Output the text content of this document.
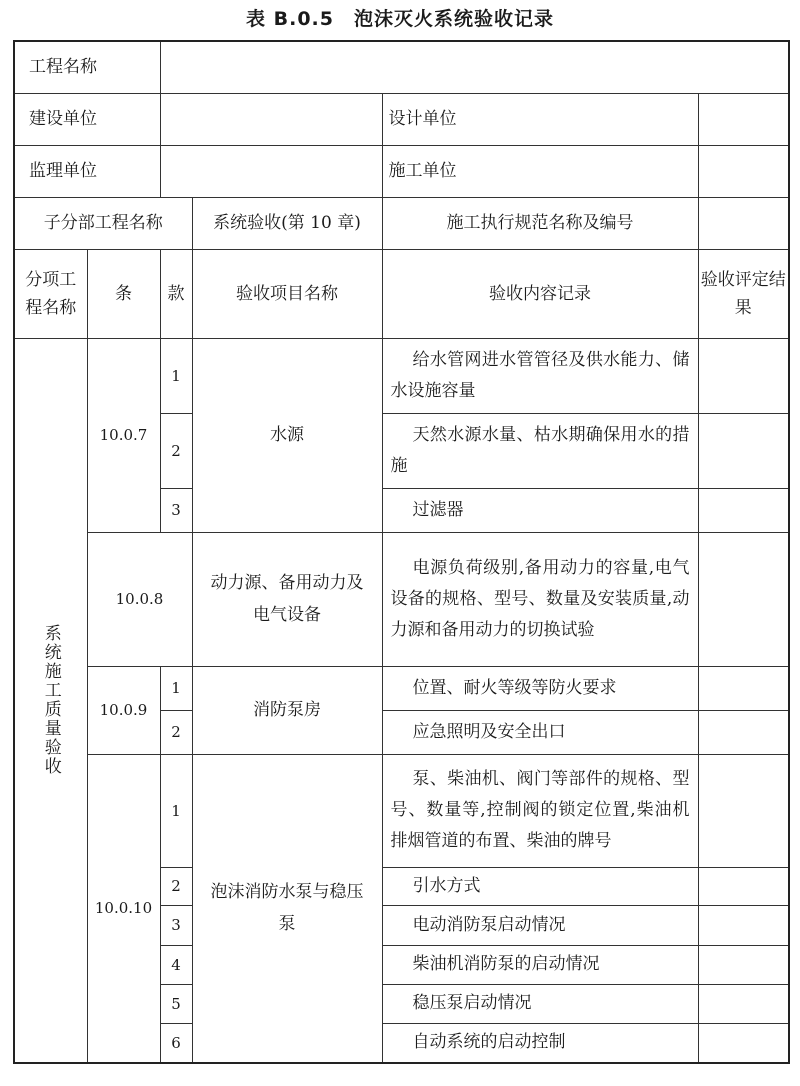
表 B.0.5　泡沫灭火系统验收记录
工程名称					
建设单位				设计单位	
监理单位				施工单位	
子分部工程名称			系统验收(第 10 章)	施工执行规范名称及编号	
分项工程名称	条	款	验收项目名称	验收内容记录	验收评定结果

系统施工质量验收	10.0.7	1	水源	给水管网进水管管径及供水能力、储水设施容量	
		2		天然水源水量、枯水期确保用水的措施	
		3		过滤器	
	10.0.8		动力源、备用动力及电气设备	电源负荷级别,备用动力的容量,电气设备的规格、型号、数量及安装质量,动力源和备用动力的切换试验	
	10.0.9	1	消防泵房	位置、耐火等级等防火要求	
		2		应急照明及安全出口	
	10.0.10	1	泡沫消防水泵与稳压泵	泵、柴油机、阀门等部件的规格、型号、数量等,控制阀的锁定位置,柴油机排烟管道的布置、柴油的牌号	
		2		引水方式	
		3		电动消防泵启动情况	
		4		柴油机消防泵的启动情况	
		5		稳压泵启动情况	
		6		自动系统的启动控制	
